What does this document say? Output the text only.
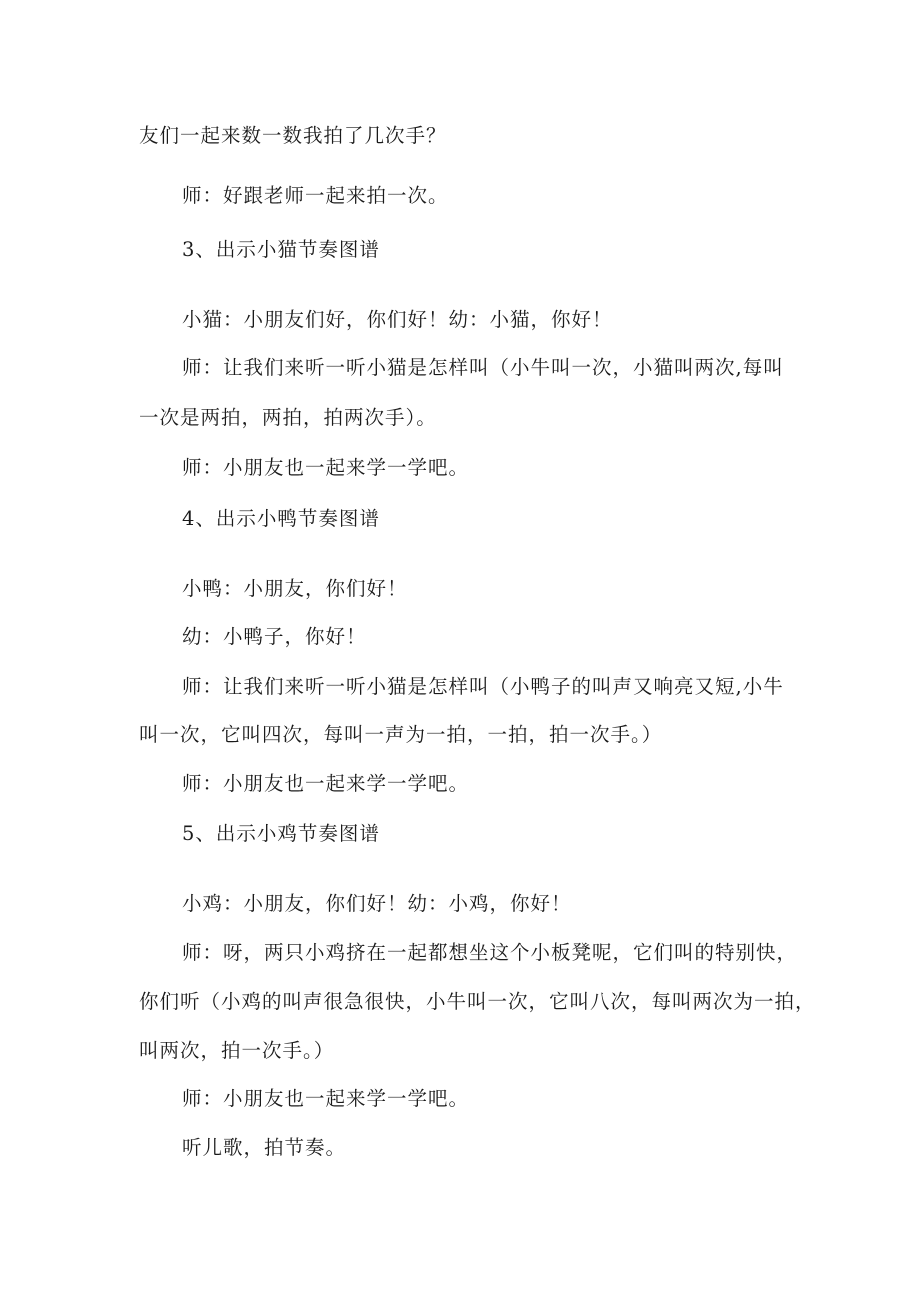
友们一起来数一数我拍了几次手？
师：好跟老师一起来拍一次。
3、出示小猫节奏图谱
小猫：小朋友们好，你们好！幼：小猫，你好！
师：让我们来听一听小猫是怎样叫（小牛叫一次，小猫叫两次,每叫
一次是两拍，两拍，拍两次手）。
师：小朋友也一起来学一学吧。
4、出示小鸭节奏图谱
小鸭：小朋友，你们好！
幼：小鸭子，你好！
师：让我们来听一听小猫是怎样叫（小鸭子的叫声又响亮又短,小牛
叫一次，它叫四次，每叫一声为一拍，一拍，拍一次手。）
师：小朋友也一起来学一学吧。
5、出示小鸡节奏图谱
小鸡：小朋友，你们好！幼：小鸡，你好！
师：呀，两只小鸡挤在一起都想坐这个小板凳呢，它们叫的特别快，
你们听（小鸡的叫声很急很快，小牛叫一次，它叫八次，每叫两次为一拍，
叫两次，拍一次手。）
师：小朋友也一起来学一学吧。
听儿歌，拍节奏。
